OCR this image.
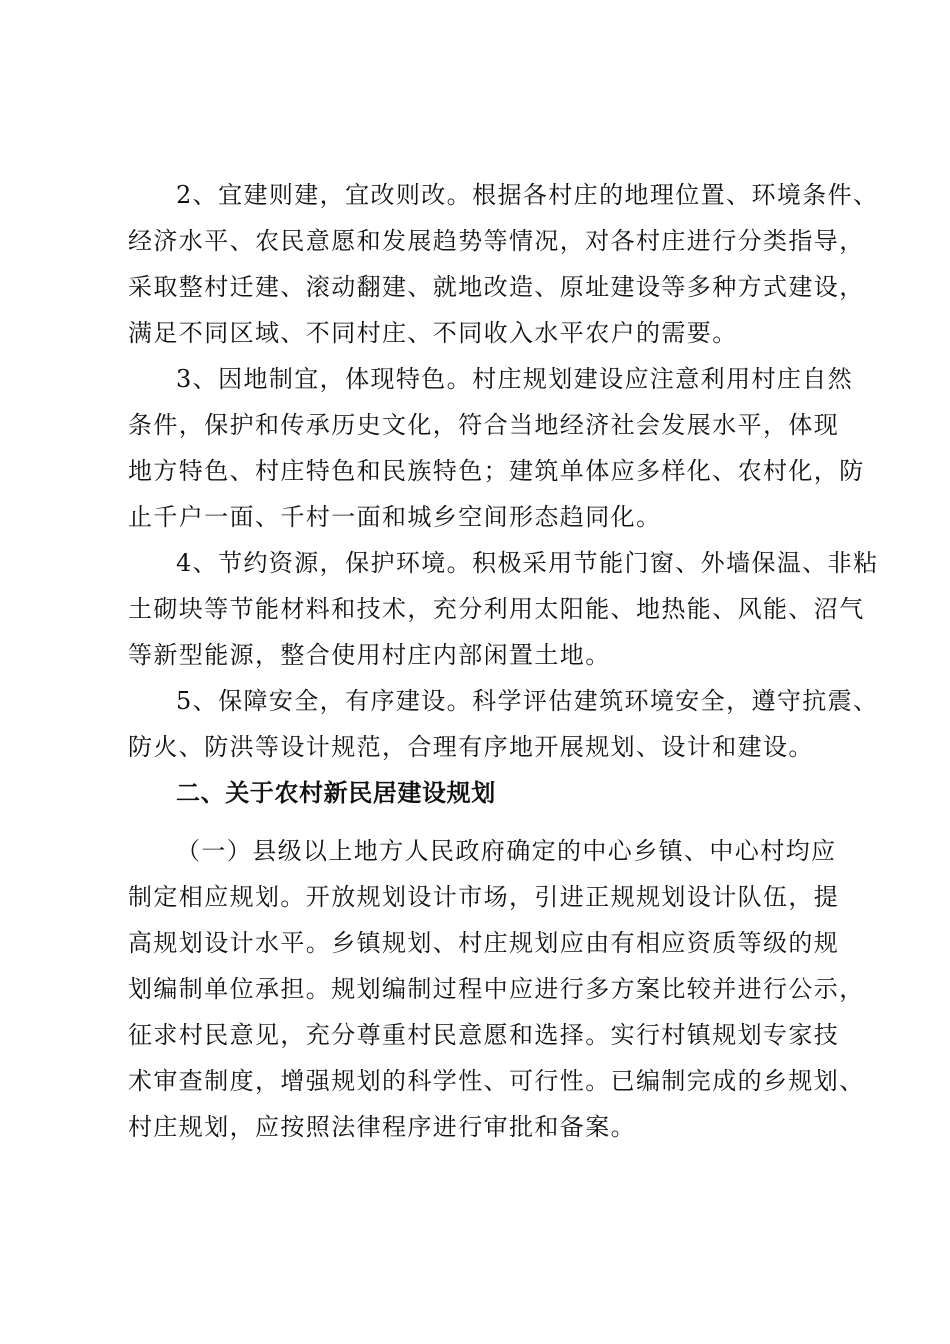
2、宜建则建，宜改则改。根据各村庄的地理位置、环境条件、
经济水平、农民意愿和发展趋势等情况，对各村庄进行分类指导，
采取整村迁建、滚动翻建、就地改造、原址建设等多种方式建设，
满足不同区域、不同村庄、不同收入水平农户的需要。
3、因地制宜，体现特色。村庄规划建设应注意利用村庄自然
条件，保护和传承历史文化，符合当地经济社会发展水平，体现
地方特色、村庄特色和民族特色；建筑单体应多样化、农村化，防
止千户一面、千村一面和城乡空间形态趋同化。
4、节约资源，保护环境。积极采用节能门窗、外墙保温、非粘
土砌块等节能材料和技术，充分利用太阳能、地热能、风能、沼气
等新型能源，整合使用村庄内部闲置土地。
5、保障安全，有序建设。科学评估建筑环境安全，遵守抗震、
防火、防洪等设计规范，合理有序地开展规划、设计和建设。
二、关于农村新民居建设规划
（一）县级以上地方人民政府确定的中心乡镇、中心村均应
制定相应规划。开放规划设计市场，引进正规规划设计队伍，提
高规划设计水平。乡镇规划、村庄规划应由有相应资质等级的规
划编制单位承担。规划编制过程中应进行多方案比较并进行公示，
征求村民意见，充分尊重村民意愿和选择。实行村镇规划专家技
术审查制度，增强规划的科学性、可行性。已编制完成的乡规划、
村庄规划，应按照法律程序进行审批和备案。
